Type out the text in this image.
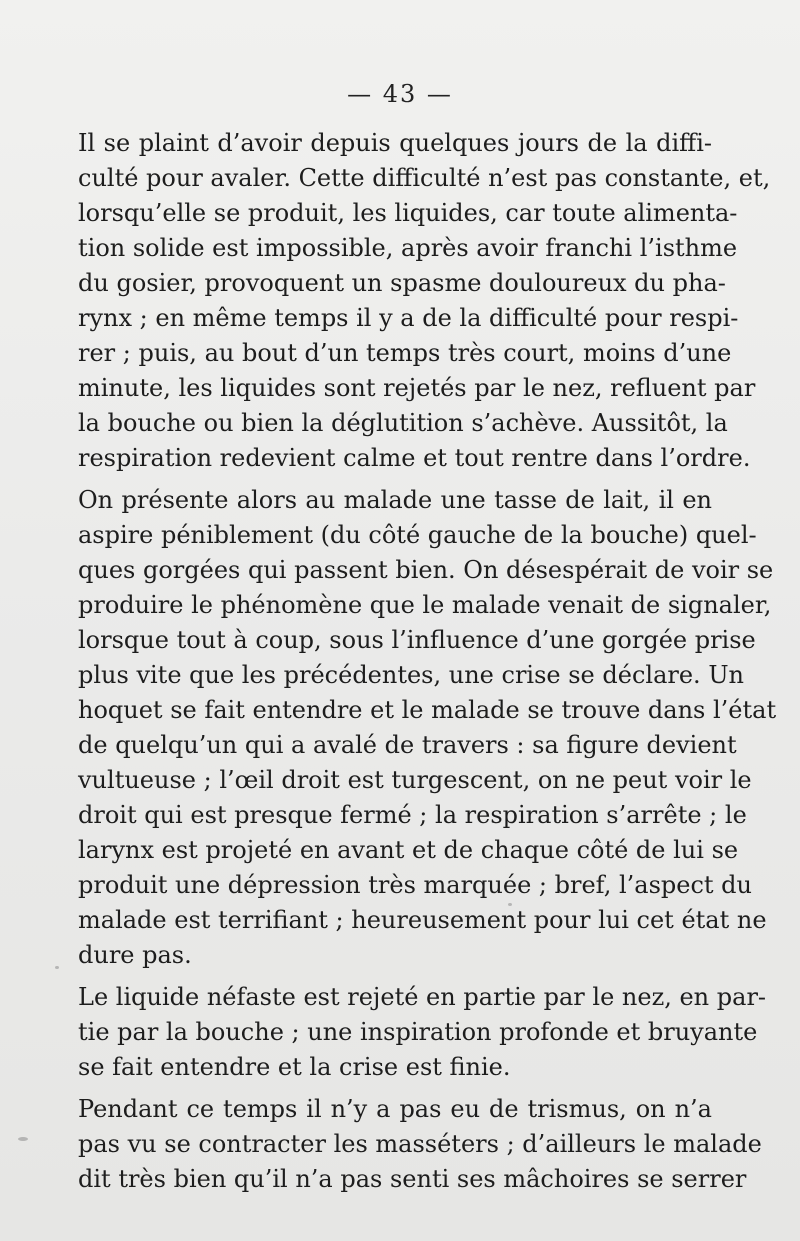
— 43 —

Il se plaint d’avoir depuis quelques jours de la diffi-
culté pour avaler. Cette difficulté n’est pas constante, et,
lorsqu’elle se produit, les liquides, car toute alimenta-
tion solide est impossible, après avoir franchi l’isthme
du gosier, provoquent un spasme douloureux du pha-
rynx ; en même temps il y a de la difficulté pour respi-
rer ; puis, au bout d’un temps très court, moins d’une
minute, les liquides sont rejetés par le nez, refluent par
la bouche ou bien la déglutition s’achève. Aussitôt, la
respiration redevient calme et tout rentre dans l’ordre.

On présente alors au malade une tasse de lait, il en
aspire péniblement (du côté gauche de la bouche) quel-
ques gorgées qui passent bien. On désespérait de voir se
produire le phénomène que le malade venait de signaler,
lorsque tout à coup, sous l’influence d’une gorgée prise
plus vite que les précédentes, une crise se déclare. Un
hoquet se fait entendre et le malade se trouve dans l’état
de quelqu’un qui a avalé de travers : sa figure devient
vultueuse ; l’œil droit est turgescent, on ne peut voir le
droit qui est presque fermé ; la respiration s’arrête ; le
larynx est projeté en avant et de chaque côté de lui se
produit une dépression très marquée ; bref, l’aspect du
malade est terrifiant ; heureusement pour lui cet état ne
dure pas.

Le liquide néfaste est rejeté en partie par le nez, en par-
tie par la bouche ; une inspiration profonde et bruyante
se fait entendre et la crise est finie.

Pendant ce temps il n’y a pas eu de trismus, on n’a
pas vu se contracter les masséters ; d’ailleurs le malade
dit très bien qu’il n’a pas senti ses mâchoires se serrer
